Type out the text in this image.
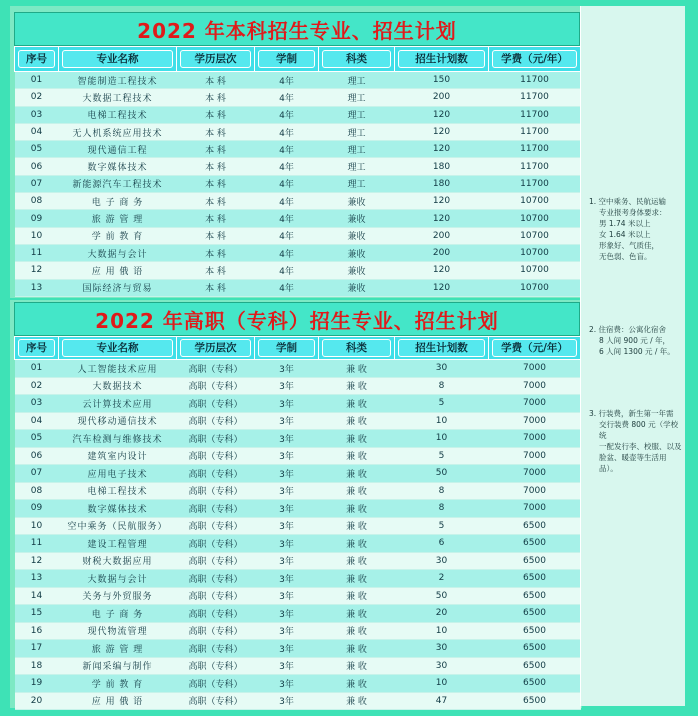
2022 年本科招生专业、招生计划
序号	专业名称	学历层次	学制	科类	招生计划数	学费（元/年）

01	智能制造工程技术	本 科	4年	理工	150	11700
02	大数据工程技术	本 科	4年	理工	200	11700
03	电梯工程技术	本 科	4年	理工	120	11700
04	无人机系统应用技术	本 科	4年	理工	120	11700
05	现代通信工程	本 科	4年	理工	120	11700
06	数字媒体技术	本 科	4年	理工	180	11700
07	新能源汽车工程技术	本 科	4年	理工	180	11700
08	电 子 商 务	本 科	4年	兼收	120	10700
09	旅 游 管 理	本 科	4年	兼收	120	10700
10	学 前 教 育	本 科	4年	兼收	200	10700
11	大数据与会计	本 科	4年	兼收	200	10700
12	应 用 俄 语	本 科	4年	兼收	120	10700
13	国际经济与贸易	本 科	4年	兼收	120	10700
2022 年高职（专科）招生专业、招生计划
序号	专业名称	学历层次	学制	科类	招生计划数	学费（元/年）

01	人工智能技术应用	高职（专科）	3年	兼 收	30	7000
02	大数据技术	高职（专科）	3年	兼 收	8	7000
03	云计算技术应用	高职（专科）	3年	兼 收	5	7000
04	现代移动通信技术	高职（专科）	3年	兼 收	10	7000
05	汽车检测与维修技术	高职（专科）	3年	兼 收	10	7000
06	建筑室内设计	高职（专科）	3年	兼 收	5	7000
07	应用电子技术	高职（专科）	3年	兼 收	50	7000
08	电梯工程技术	高职（专科）	3年	兼 收	8	7000
09	数字媒体技术	高职（专科）	3年	兼 收	8	7000
10	空中乘务（民航服务）	高职（专科）	3年	兼 收	5	6500
11	建设工程管理	高职（专科）	3年	兼 收	6	6500
12	财税大数据应用	高职（专科）	3年	兼 收	30	6500
13	大数据与会计	高职（专科）	3年	兼 收	2	6500
14	关务与外贸服务	高职（专科）	3年	兼 收	50	6500
15	电 子 商 务	高职（专科）	3年	兼 收	20	6500
16	现代物流管理	高职（专科）	3年	兼 收	10	6500
17	旅 游 管 理	高职（专科）	3年	兼 收	30	6500
18	新闻采编与制作	高职（专科）	3年	兼 收	30	6500
19	学 前 教 育	高职（专科）	3年	兼 收	10	6500
20	应 用 俄 语	高职（专科）	3年	兼 收	47	6500
1. 空中乘务、民航运输
专业报考身体要求：
男 1.74 米以上
女 1.64 米以上
形象好、气质佳，
无色弱、色盲。
2. 住宿费：公寓化宿舍
8 人间 900 元 / 年，
6 人间 1300 元 / 年。
3. 行装费，新生第一年需
交行装费 800 元（学校统
一配发行李、校服、以及
脸盆、暖壶等生活用品）。
